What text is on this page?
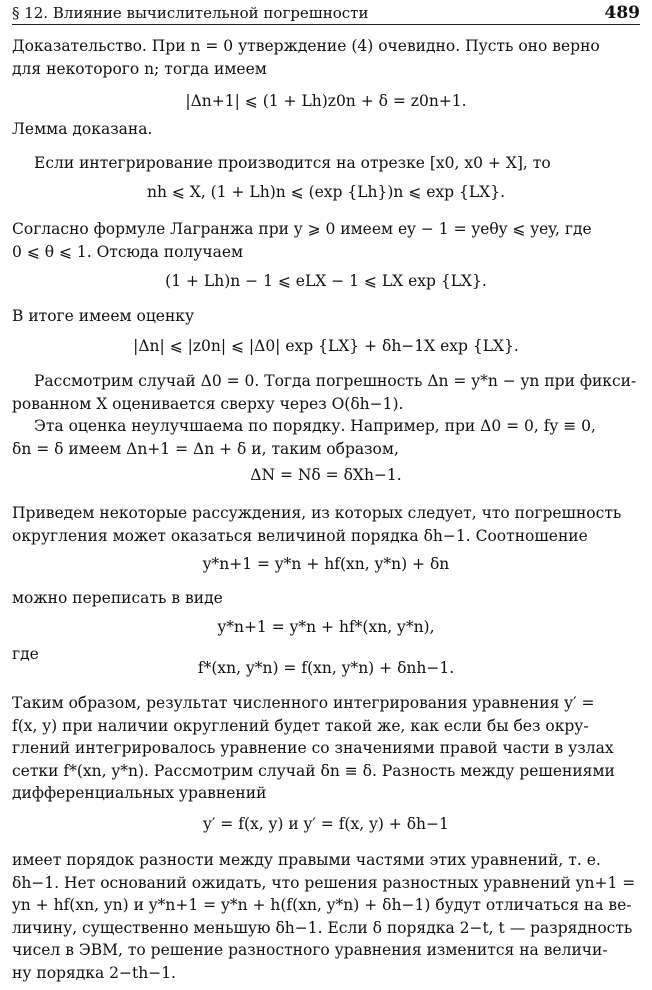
§ 12. Влияние вычислительной погрешности	489
Доказательство. При n = 0 утверждение (4) очевидно. Пусть оно верно
для некоторого n; тогда имеем
|Δn+1| ⩽ (1 + Lh)z0n + δ = z0n+1.
Лемма доказана.
Если интегрирование производится на отрезке [x0, x0 + X], то
nh ⩽ X, (1 + Lh)n ⩽ (exp {Lh})n ⩽ exp {LX}.
Согласно формуле Лагранжа при y ⩾ 0 имеем ey − 1 = yeθy ⩽ yey, где
0 ⩽ θ ⩽ 1. Отсюда получаем
(1 + Lh)n − 1 ⩽ eLX − 1 ⩽ LX exp {LX}.
В итоге имеем оценку
|Δn| ⩽ |z0n| ⩽ |Δ0| exp {LX} + δh−1X exp {LX}.
Рассмотрим случай Δ0 = 0. Тогда погрешность Δn = y*n − yn при фикси-
рованном X оценивается сверху через O(δh−1).
Эта оценка неулучшаема по порядку. Например, при Δ0 = 0, fy ≡ 0,
δn = δ имеем Δn+1 = Δn + δ и, таким образом,
ΔN = Nδ = δXh−1.
Приведем некоторые рассуждения, из которых следует, что погрешность
округления может оказаться величиной порядка δh−1. Соотношение
y*n+1 = y*n + hf(xn, y*n) + δn
можно переписать в виде
y*n+1 = y*n + hf*(xn, y*n),
где
f*(xn, y*n) = f(xn, y*n) + δnh−1.
Таким образом, результат численного интегрирования уравнения y′ =
f(x, y) при наличии округлений будет такой же, как если бы без окру-
глений интегрировалось уравнение со значениями правой части в узлах
сетки f*(xn, y*n). Рассмотрим случай δn ≡ δ. Разность между решениями
дифференциальных уравнений
y′ = f(x, y) и y′ = f(x, y) + δh−1
имеет порядок разности между правыми частями этих уравнений, т. е.
δh−1. Нет оснований ожидать, что решения разностных уравнений yn+1 =
yn + hf(xn, yn) и y*n+1 = y*n + h(f(xn, y*n) + δh−1) будут отличаться на ве-
личину, существенно меньшую δh−1. Если δ порядка 2−t, t — разрядность
чисел в ЭВМ, то решение разностного уравнения изменится на величи-
ну порядка 2−th−1.
